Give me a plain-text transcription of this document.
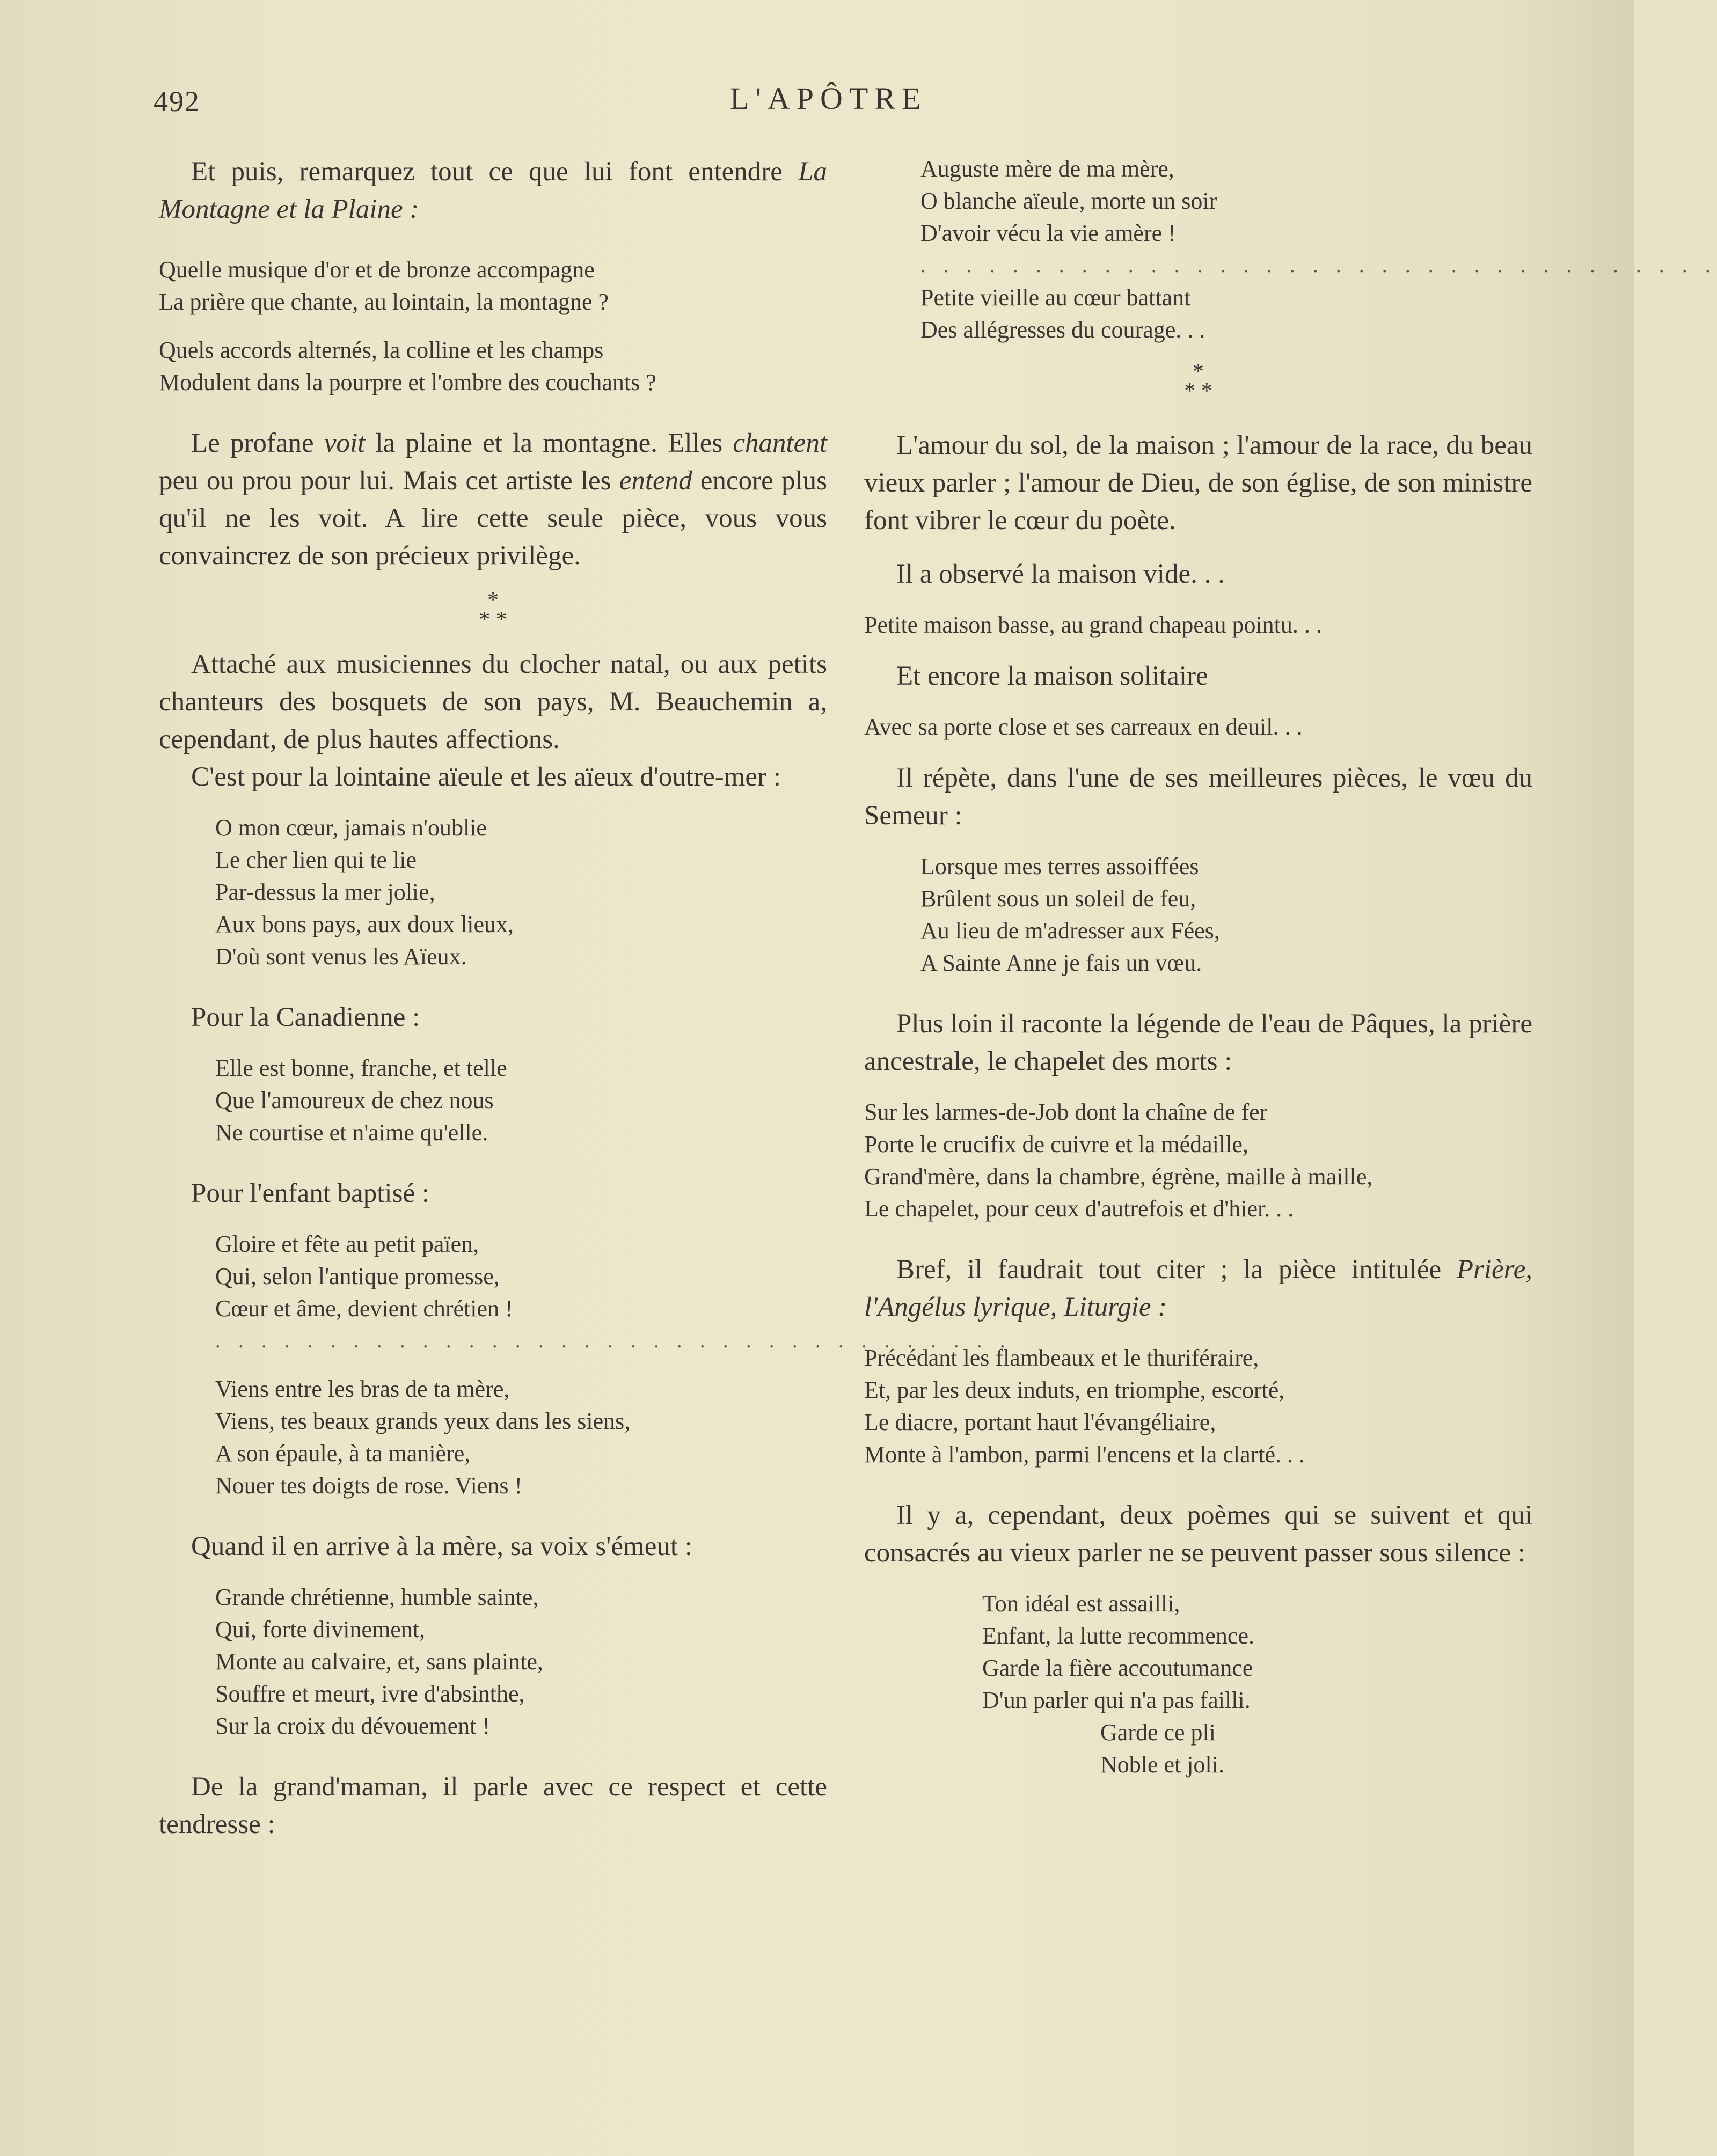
492	L'APÔTRE

Et puis, remarquez tout ce que lui font entendre La Montagne et la Plaine :

Quelle musique d'or et de bronze accompagne
La prière que chante, au lointain, la montagne ?
Quels accords alternés, la colline et les champs
Modulent dans la pourpre et l'ombre des couchants ?

Le profane voit la plaine et la montagne. Elles chantent peu ou prou pour lui. Mais cet artiste les entend encore plus qu'il ne les voit. A lire cette seule pièce, vous vous convaincrez de son précieux privilège.

*
* *

Attaché aux musiciennes du clocher natal, ou aux petits chanteurs des bosquets de son pays, M. Beauchemin a, cependant, de plus hautes affections.

C'est pour la lointaine aïeule et les aïeux d'outre-mer :

O mon cœur, jamais n'oublie
Le cher lien qui te lie
Par-dessus la mer jolie,
Aux bons pays, aux doux lieux,
D'où sont venus les Aïeux.

Pour la Canadienne :

Elle est bonne, franche, et telle
Que l'amoureux de chez nous
Ne courtise et n'aime qu'elle.

Pour l'enfant baptisé :

Gloire et fête au petit païen,
Qui, selon l'antique promesse,
Cœur et âme, devient chrétien !
. . . . . . . . . . . . . . . . . . . . . . . . . . . . . . . . . . .
Viens entre les bras de ta mère,
Viens, tes beaux grands yeux dans les siens,
A son épaule, à ta manière,
Nouer tes doigts de rose. Viens !

Quand il en arrive à la mère, sa voix s'émeut :

Grande chrétienne, humble sainte,
Qui, forte divinement,
Monte au calvaire, et, sans plainte,
Souffre et meurt, ivre d'absinthe,
Sur la croix du dévouement !

De la grand'maman, il parle avec ce respect et cette tendresse :

Auguste mère de ma mère,
O blanche aïeule, morte un soir
D'avoir vécu la vie amère !
. . . . . . . . . . . . . . . . . . . . . . . . . . . . . . . . . . .
Petite vieille au cœur battant
Des allégresses du courage. . .
*
* *

L'amour du sol, de la maison ; l'amour de la race, du beau vieux parler ; l'amour de Dieu, de son église, de son ministre font vibrer le cœur du poète.

Il a observé la maison vide. . .

Petite maison basse, au grand chapeau pointu. . .

Et encore la maison solitaire

Avec sa porte close et ses carreaux en deuil. . .

Il répète, dans l'une de ses meilleures pièces, le vœu du Semeur :

Lorsque mes terres assoiffées
Brûlent sous un soleil de feu,
Au lieu de m'adresser aux Fées,
A Sainte Anne je fais un vœu.

Plus loin il raconte la légende de l'eau de Pâques, la prière ancestrale, le chapelet des morts :

Sur les larmes-de-Job dont la chaîne de fer
Porte le crucifix de cuivre et la médaille,
Grand'mère, dans la chambre, égrène, maille à maille,
Le chapelet, pour ceux d'autrefois et d'hier. . .

Bref, il faudrait tout citer ; la pièce intitulée Prière, l'Angélus lyrique, Liturgie :

Précédant les flambeaux et le thuriféraire,
Et, par les deux induts, en triomphe, escorté,
Le diacre, portant haut l'évangéliaire,
Monte à l'ambon, parmi l'encens et la clarté. . .

Il y a, cependant, deux poèmes qui se suivent et qui consacrés au vieux parler ne se peuvent passer sous silence :

Ton idéal est assailli,
Enfant, la lutte recommence.
Garde la fière accoutumance
D'un parler qui n'a pas failli.
Garde ce pli
Noble et joli.
